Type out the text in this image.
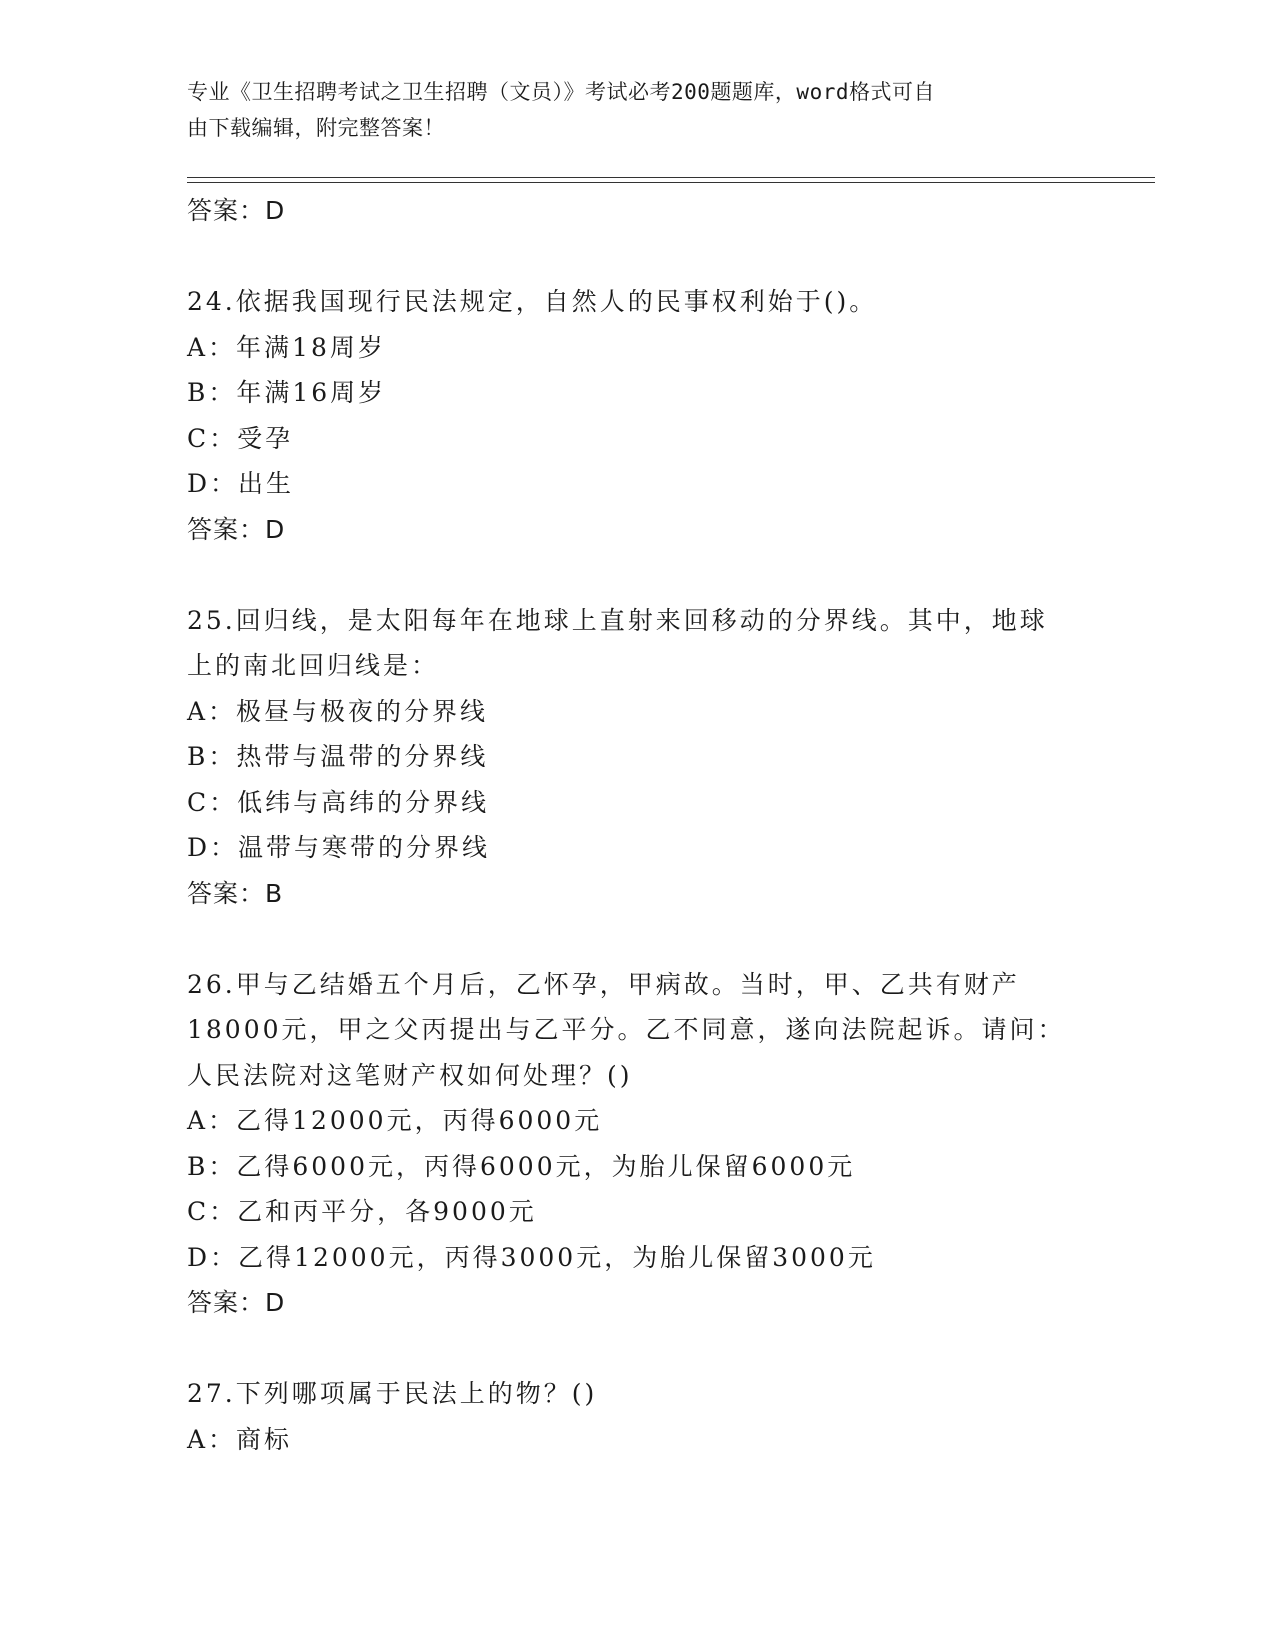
专业《卫生招聘考试之卫生招聘（文员）》考试必考200题题库，word格式可自
由下载编辑，附完整答案！
答案：D
24.依据我国现行民法规定，自然人的民事权利始于()。
A：年满18周岁
B：年满16周岁
C：受孕
D：出生
答案：D
25.回归线，是太阳每年在地球上直射来回移动的分界线。其中，地球
上的南北回归线是：
A：极昼与极夜的分界线
B：热带与温带的分界线
C：低纬与高纬的分界线
D：温带与寒带的分界线
答案：B
26.甲与乙结婚五个月后，乙怀孕，甲病故。当时，甲、乙共有财产
18000元，甲之父丙提出与乙平分。乙不同意，遂向法院起诉。请问：
人民法院对这笔财产权如何处理？()
A：乙得12000元，丙得6000元
B：乙得6000元，丙得6000元，为胎儿保留6000元
C：乙和丙平分，各9000元
D：乙得12000元，丙得3000元，为胎儿保留3000元
答案：D
27.下列哪项属于民法上的物？()
A：商标
